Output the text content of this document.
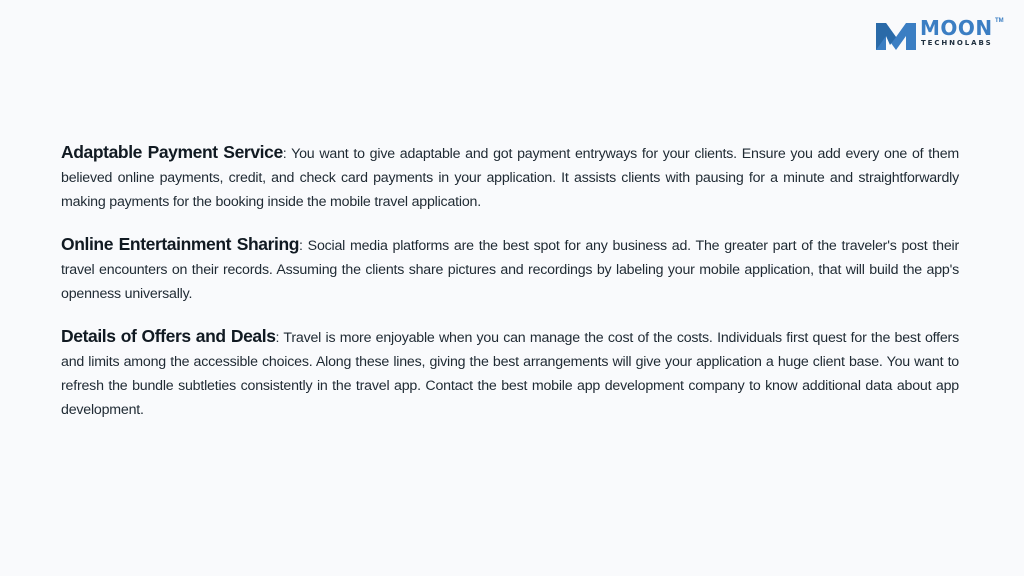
MOON TM
TECHNOLABS

Adaptable Payment Service: You want to give adaptable and got payment entryways for your clients. Ensure you add every one of them believed online payments, credit, and check card payments in your application. It assists clients with pausing for a minute and straightforwardly making payments for the booking inside the mobile travel application.

Online Entertainment Sharing: Social media platforms are the best spot for any business ad. The greater part of the traveler's post their travel encounters on their records. Assuming the clients share pictures and recordings by labeling your mobile application, that will build the app's openness universally.

Details of Offers and Deals: Travel is more enjoyable when you can manage the cost of the costs. Individuals first quest for the best offers and limits among the accessible choices. Along these lines, giving the best arrangements will give your application a huge client base. You want to refresh the bundle subtleties consistently in the travel app. Contact the best mobile app development company to know additional data about app development.
